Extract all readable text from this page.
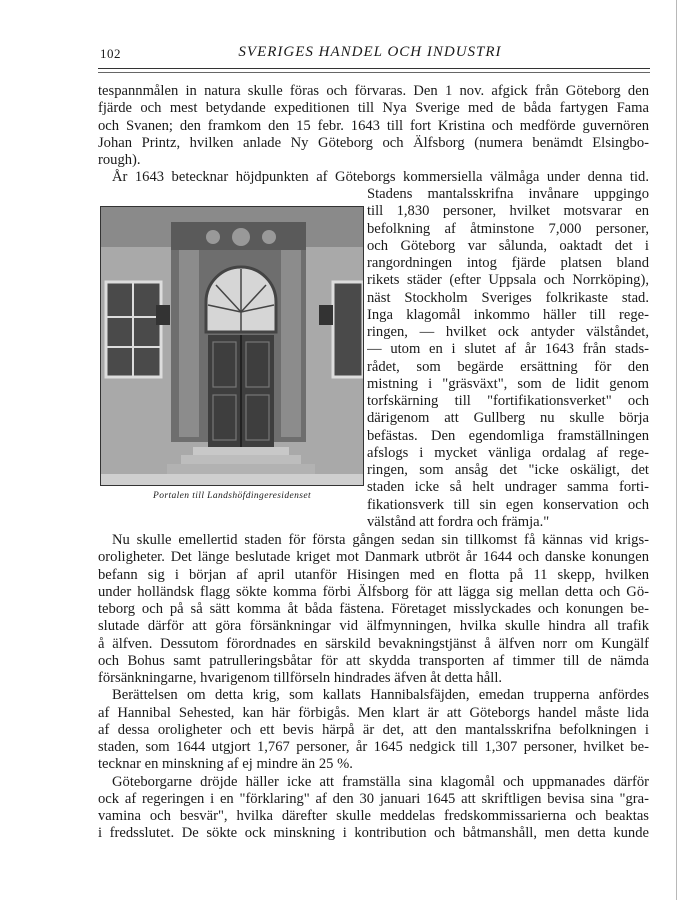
102	SVERIGES HANDEL OCH INDUSTRI
tespannmålen in natura skulle föras och förvaras. Den 1 nov. afgick från Göteborg den
fjärde och mest betydande expeditionen till Nya Sverige med de båda fartygen Fama
och Svanen; den framkom den 15 febr. 1643 till fort Kristina och medförde guvernören
Johan Printz, hvilken anlade Ny Göteborg och Älfsborg (numera benämdt Elsingbo-
rough).
År 1643 betecknar höjdpunkten af Göteborgs kommersiella välmåga under denna tid.
Stadens mantalsskrifna invånare uppgingo
till 1,830 personer, hvilket motsvarar en
befolkning af åtminstone 7,000 personer,
och Göteborg var sålunda, oaktadt det i
rangordningen intog fjärde platsen bland
rikets städer (efter Uppsala och Norrköping),
näst Stockholm Sveriges folkrikaste stad.
Inga klagomål inkommo häller till rege-
ringen, — hvilket ock antyder välståndet,
— utom en i slutet af år 1643 från stads-
rådet, som begärde ersättning för den
mistning i "gräsväxt", som de lidit genom
torfskärning till "fortifikationsverket" och
därigenom att Gullberg nu skulle börja
befästas. Den egendomliga framställningen
afslogs i mycket vänliga ordalag af rege-
ringen, som ansåg det "icke oskäligt, det
staden icke så helt undrager samma forti-
fikationsverk till sin egen konservation och
välstånd att fordra och främja."
Nu skulle emellertid staden för första gången sedan sin tillkomst få kännas vid krigs-
oroligheter. Det länge beslutade kriget mot Danmark utbröt år 1644 och danske konungen
befann sig i början af april utanför Hisingen med en flotta på 11 skepp, hvilken
under holländsk flagg sökte komma förbi Älfsborg för att lägga sig mellan detta och Gö-
teborg och på så sätt komma åt båda fästena. Företaget misslyckades och konungen be-
slutade därför att göra försänkningar vid älfmynningen, hvilka skulle hindra all trafik
å älfven. Dessutom förordnades en särskild bevakningstjänst å älfven norr om Kungälf
och Bohus samt patrulleringsbåtar för att skydda transporten af timmer till de nämda
försänkningarne, hvarigenom tillförseln hindrades äfven åt detta håll.
Berättelsen om detta krig, som kallats Hannibalsfäjden, emedan trupperna anfördes
af Hannibal Sehested, kan här förbigås. Men klart är att Göteborgs handel måste lida
af dessa oroligheter och ett bevis härpå är det, att den mantalsskrifna befolkningen i
staden, som 1644 utgjort 1,767 personer, år 1645 nedgick till 1,307 personer, hvilket be-
tecknar en minskning af ej mindre än 25 %.
Göteborgarne dröjde häller icke att framställa sina klagomål och uppmanades därför
ock af regeringen i en "förklaring" af den 30 januari 1645 att skriftligen bevisa sina "gra-
vamina och besvär", hvilka därefter skulle meddelas fredskommissarierna och beaktas
i fredsslutet. De sökte ock minskning i kontribution och båtmanshåll, men detta kunde
Portalen till Landshöfdingeresidenset
